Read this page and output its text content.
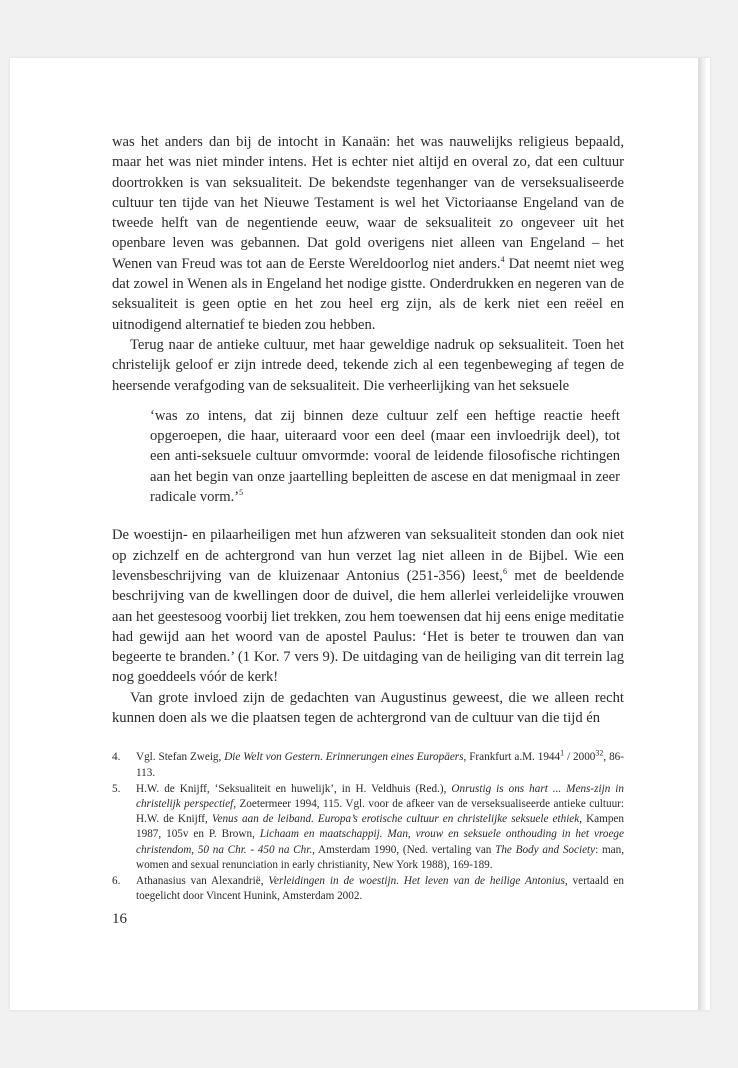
was het anders dan bij de intocht in Kanaän: het was nauwelijks religieus bepaald, maar het was niet minder intens. Het is echter niet altijd en overal zo, dat een cultuur doortrokken is van seksualiteit. De bekendste tegenhanger van de verseksualiseerde cultuur ten tijde van het Nieuwe Testament is wel het Victoriaanse Engeland van de tweede helft van de negentiende eeuw, waar de seksualiteit zo ongeveer uit het openbare leven was gebannen. Dat gold overigens niet alleen van Engeland – het Wenen van Freud was tot aan de Eerste Wereldoorlog niet anders.$^4$ Dat neemt niet weg dat zowel in Wenen als in Engeland het nodige gistte. Onderdrukken en negeren van de seksualiteit is geen optie en het zou heel erg zijn, als de kerk niet een reëel en uitnodigend alternatief te bieden zou hebben.

Terug naar de antieke cultuur, met haar geweldige nadruk op seksualiteit. Toen het christelijk geloof er zijn intrede deed, tekende zich al een tegenbeweging af tegen de heersende verafgoding van de seksualiteit. Die verheerlijking van het seksuele

‘was zo intens, dat zij binnen deze cultuur zelf een heftige reactie heeft opgeroepen, die haar, uiteraard voor een deel (maar een invloedrijk deel), tot een anti-seksuele cultuur omvormde: vooral de leidende filosofische richtingen aan het begin van onze jaartelling bepleitten de ascese en dat menigmaal in zeer radicale vorm.’$^5$

De woestijn- en pilaarheiligen met hun afzweren van seksualiteit stonden dan ook niet op zichzelf en de achtergrond van hun verzet lag niet alleen in de Bijbel. Wie een levensbeschrijving van de kluizenaar Antonius (251-356) leest,$^6$ met de beeldende beschrijving van de kwellingen door de duivel, die hem allerlei verleidelijke vrouwen aan het geestesoog voorbij liet trekken, zou hem toewensen dat hij eens enige meditatie had gewijd aan het woord van de apostel Paulus: ‘Het is beter te trouwen dan van begeerte te branden.’ (1 Kor. 7 vers 9). De uitdaging van de heiliging van dit terrein lag nog goeddeels vóór de kerk!

Van grote invloed zijn de gedachten van Augustinus geweest, die we alleen recht kunnen doen als we die plaatsen tegen de achtergrond van de cultuur van die tijd én

4. Vgl. Stefan Zweig, Die Welt von Gestern. Erinnerungen eines Europäers, Frankfurt a.M. 1944$^1$ / 2000$^{32}$, 86-113.

5. H.W. de Knijff, ‘Seksualiteit en huwelijk’, in H. Veldhuis (Red.), Onrustig is ons hart ... Mens-zijn in christelijk perspectief, Zoetermeer 1994, 115. Vgl. voor de afkeer van de verseksualiseerde antieke cultuur: H.W. de Knijff, Venus aan de leiband. Europa’s erotische cultuur en christelijke seksuele ethiek, Kampen 1987, 105v en P. Brown, Lichaam en maatschappij. Man, vrouw en seksuele onthouding in het vroege christendom, 50 na Chr. - 450 na Chr., Amsterdam 1990, (Ned. vertaling van The Body and Society: man, women and sexual renunciation in early christianity, New York 1988), 169-189.

6. Athanasius van Alexandrië, Verleidingen in de woestijn. Het leven van de heilige Antonius, vertaald en toegelicht door Vincent Hunink, Amsterdam 2002.

16
